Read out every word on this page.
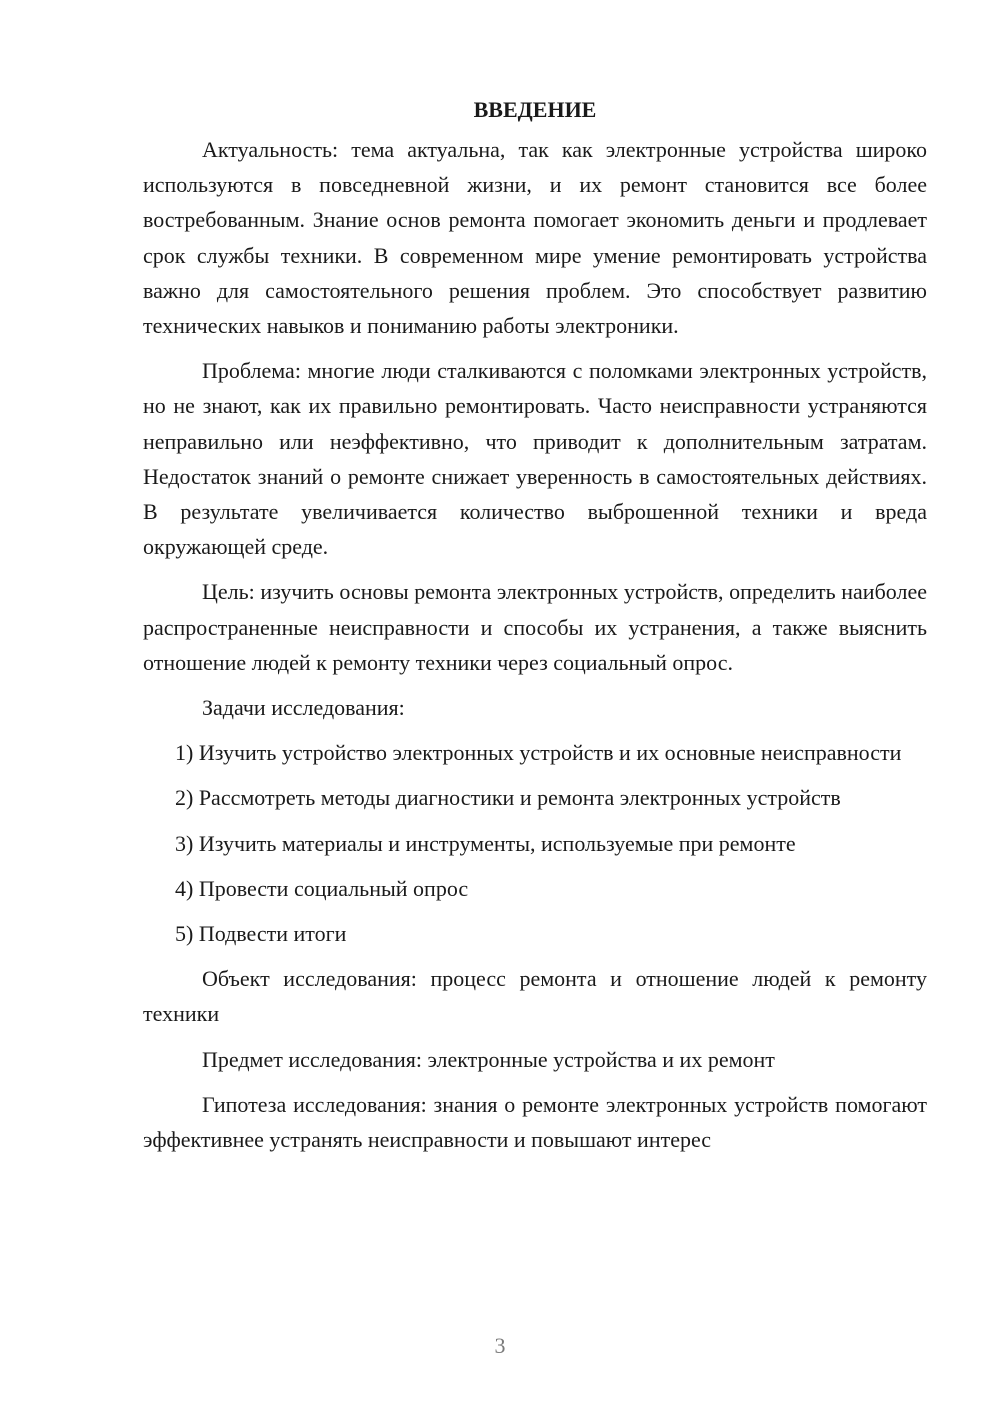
ВВЕДЕНИЕ

Актуальность: тема актуальна, так как электронные устройства широко используются в повседневной жизни, и их ремонт становится все более востребованным. Знание основ ремонта помогает экономить деньги и продлевает срок службы техники. В современном мире умение ремонтировать устройства важно для самостоятельного решения проблем. Это способствует развитию технических навыков и пониманию работы электроники.

Проблема: многие люди сталкиваются с поломками электронных устройств, но не знают, как их правильно ремонтировать. Часто неисправности устраняются неправильно или неэффективно, что приводит к дополнительным затратам. Недостаток знаний о ремонте снижает уверенность в самостоятельных действиях. В результате увеличивается количество выброшенной техники и вреда окружающей среде.

Цель: изучить основы ремонта электронных устройств, определить наиболее распространенные неисправности и способы их устранения, а также выяснить отношение людей к ремонту техники через социальный опрос.

Задачи исследования:

1) Изучить устройство электронных устройств и их основные неисправности

2) Рассмотреть методы диагностики и ремонта электронных устройств

3) Изучить материалы и инструменты, используемые при ремонте

4) Провести социальный опрос

5) Подвести итоги

Объект исследования: процесс ремонта и отношение людей к ремонту техники

Предмет исследования: электронные устройства и их ремонт

Гипотеза исследования: знания о ремонте электронных устройств помогают эффективнее устранять неисправности и повышают интерес

3
